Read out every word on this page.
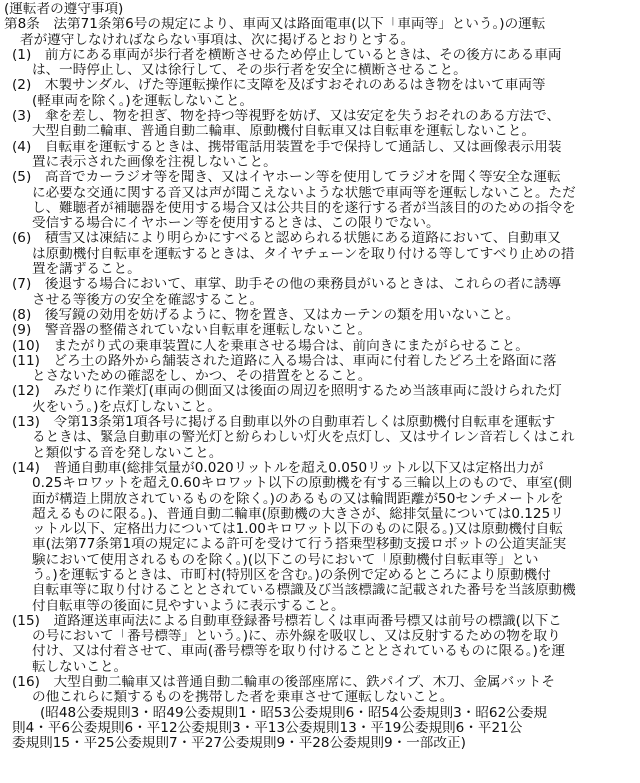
(運転者の遵守事項)
第8条　法第71条第6号の規定により、車両又は路面電車(以下「車両等」という。)の運転
者が遵守しなければならない事項は、次に掲げるとおりとする。
(1)　前方にある車両が歩行者を横断させるため停止しているときは、その後方にある車両
は、一時停止し、又は徐行して、その歩行者を安全に横断させること。
(2)　木製サンダル、げた等運転操作に支障を及ぼすおそれのあるはき物をはいて車両等
(軽車両を除く。)を運転しないこと。
(3)　傘を差し、物を担ぎ、物を持つ等視野を妨げ、又は安定を失うおそれのある方法で、
大型自動二輪車、普通自動二輪車、原動機付自転車又は自転車を運転しないこと。
(4)　自転車を運転するときは、携帯電話用装置を手で保持して通話し、又は画像表示用装
置に表示された画像を注視しないこと。
(5)　高音でカーラジオ等を聞き、又はイヤホーン等を使用してラジオを聞く等安全な運転
に必要な交通に関する音又は声が聞こえないような状態で車両等を運転しないこと。ただ
し、難聴者が補聴器を使用する場合又は公共目的を遂行する者が当該目的のための指令を
受信する場合にイヤホーン等を使用するときは、この限りでない。
(6)　積雪又は凍結により明らかにすべると認められる状態にある道路において、自動車又
は原動機付自転車を運転するときは、タイヤチェーンを取り付ける等してすべり止めの措
置を講ずること。
(7)　後退する場合において、車掌、助手その他の乗務員がいるときは、これらの者に誘導
させる等後方の安全を確認すること。
(8)　後写鏡の効用を妨げるように、物を置き、又はカーテンの類を用いないこと。
(9)　警音器の整備されていない自転車を運転しないこと。
(10)　またがり式の乗車装置に人を乗車させる場合は、前向きにまたがらせること。
(11)　どろ土の路外から舗装された道路に入る場合は、車両に付着したどろ土を路面に落
とさないための確認をし、かつ、その措置をとること。
(12)　みだりに作業灯(車両の側面又は後面の周辺を照明するため当該車両に設けられた灯
火をいう。)を点灯しないこと。
(13)　令第13条第1項各号に掲げる自動車以外の自動車若しくは原動機付自転車を運転す
るときは、緊急自動車の警光灯と紛らわしい灯火を点灯し、又はサイレン音若しくはこれ
と類似する音を発しないこと。
(14)　普通自動車(総排気量が0.020リットルを超え0.050リットル以下又は定格出力が
0.25キロワットを超え0.60キロワット以下の原動機を有する三輪以上のもので、車室(側
面が構造上開放されているものを除く。)のあるもの又は輪間距離が50センチメートルを
超えるものに限る。)、普通自動二輪車(原動機の大きさが、総排気量については0.125リ
ットル以下、定格出力については1.00キロワット以下のものに限る。)又は原動機付自転
車(法第77条第1項の規定による許可を受けて行う搭乗型移動支援ロボットの公道実証実
験において使用されるものを除く。)(以下この号において「原動機付自転車等」とい
う。)を運転するときは、市町村(特別区を含む。)の条例で定めるところにより原動機付
自転車等に取り付けることとされている標識及び当該標識に記載された番号を当該原動機
付自転車等の後面に見やすいように表示すること。
(15)　道路運送車両法による自動車登録番号標若しくは車両番号標又は前号の標識(以下こ
の号において「番号標等」という。)に、赤外線を吸収し、又は反射するための物を取り
付け、又は付着させて、車両(番号標等を取り付けることとされているものに限る。)を運
転しないこと。
(16)　大型自動二輪車又は普通自動二輪車の後部座席に、鉄パイプ、木刀、金属バットそ
の他これらに類するものを携帯した者を乗車させて運転しないこと。
(昭48公委規則3・昭49公委規則1・昭53公委規則6・昭54公委規則3・昭62公委規
則4・平6公委規則6・平12公委規則3・平13公委規則13・平19公委規則6・平21公
委規則15・平25公委規則7・平27公委規則9・平28公委規則9・一部改正)
